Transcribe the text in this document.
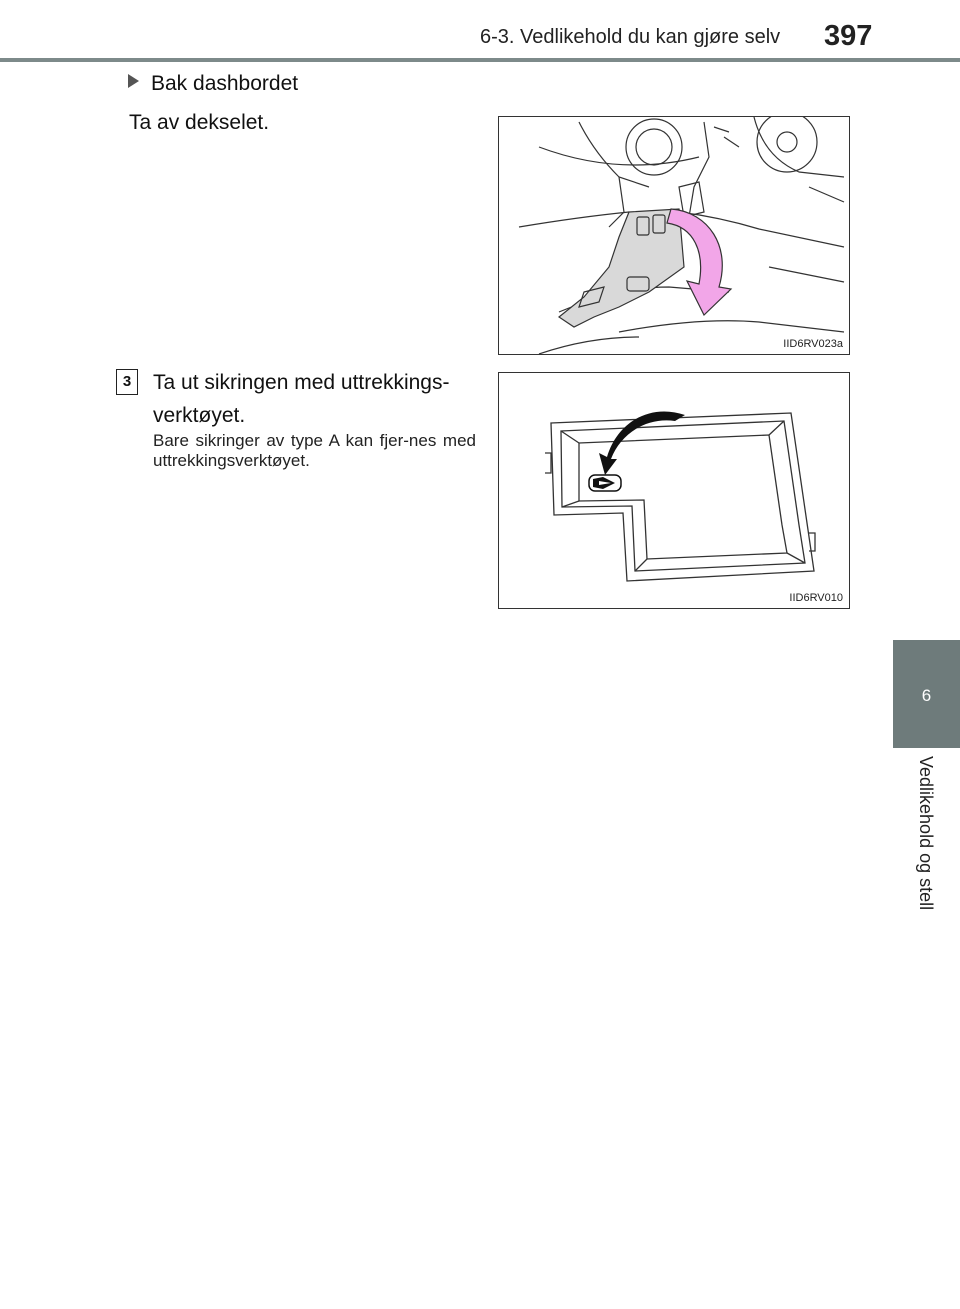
6-3. Vedlikehold du kan gjøre selv 397
6
Vedlikehold og stell
Bak dashbordet
Ta av dekselet.
3	Ta ut sikringen med uttrekkings-
verktøyet.
Bare sikringer av type A kan fjer-nes med uttrekkingsverktøyet.
IID6RV023a
IID6RV010
